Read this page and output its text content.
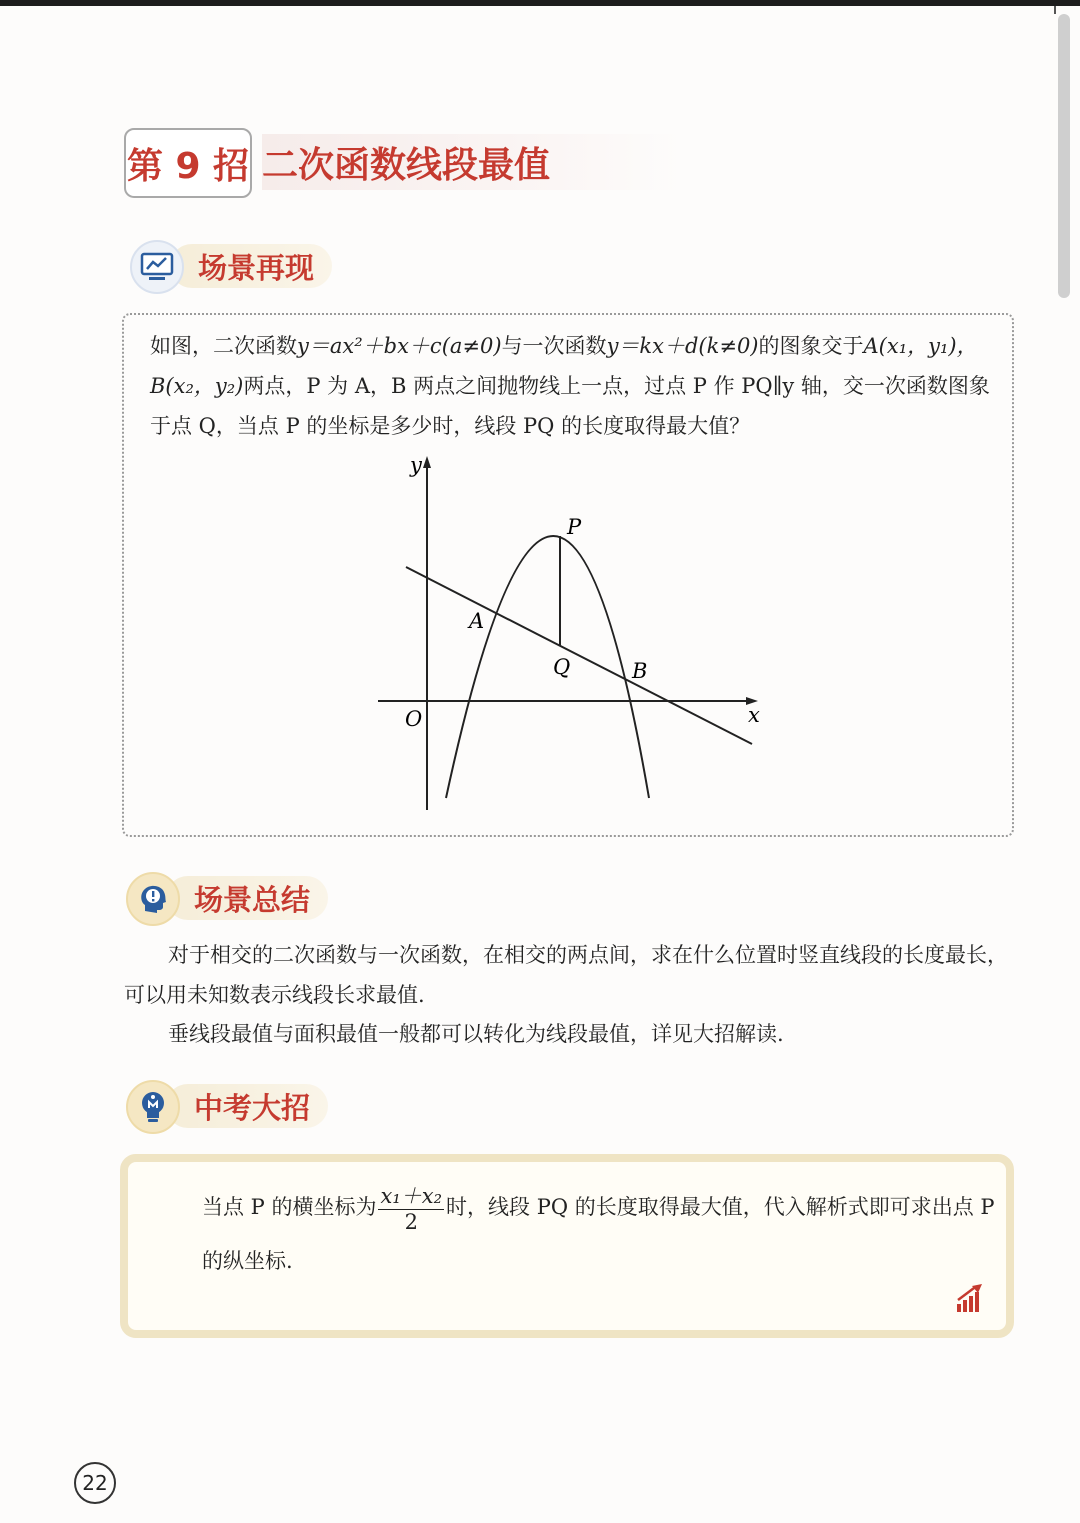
第 9 招 二次函数线段最值
场景再现

如图，二次函数y＝ax²＋bx＋c(a≠0)与一次函数y＝kx＋d(k≠0)的图象交于A(x₁，y₁)，B(x₂，y₂)两点，P 为 A，B 两点之间抛物线上一点，过点 P 作 PQ∥y 轴，交一次函数图象于点 Q，当点 P 的坐标是多少时，线段 PQ 的长度取得最大值？

y
x
O
P
Q
A
B
场景总结

对于相交的二次函数与一次函数，在相交的两点间，求在什么位置时竖直线段的长度最长，可以用未知数表示线段长求最值.

垂线段最值与面积最值一般都可以转化为线段最值，详见大招解读.

中考大招
当点 P 的横坐标为 $\frac{\text{x₁＋x₂}}{2}$ 时，线段 PQ 的长度取得最大值，代入解析式即可求出点 P 的纵坐标.
22
